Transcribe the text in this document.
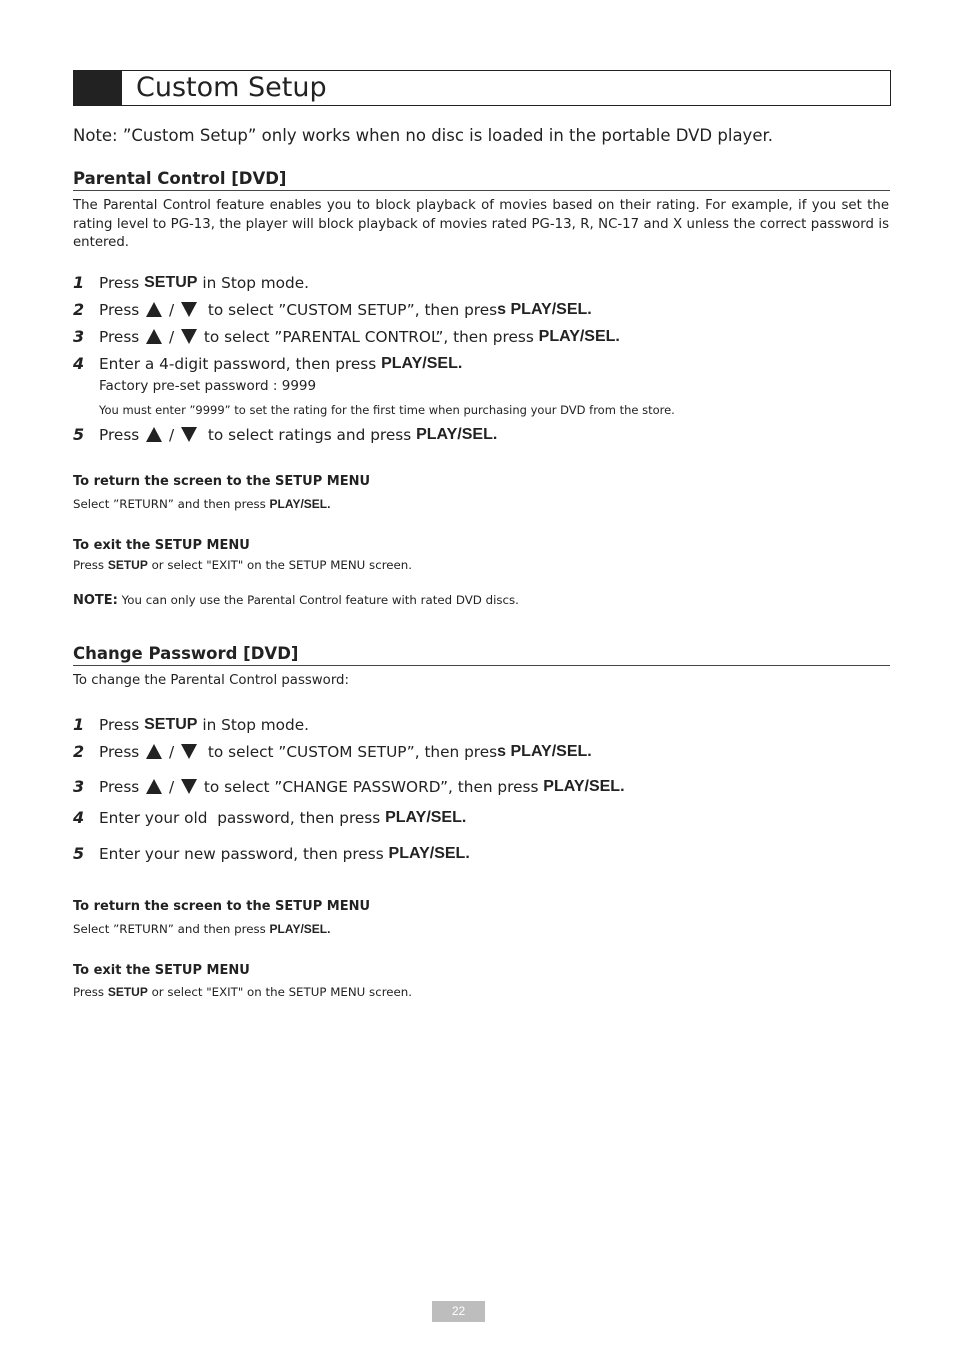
Custom Setup
Note: ”Custom Setup” only works when no disc is loaded in the portable DVD player.
Parental Control [DVD]
The Parental Control feature enables you to block playback of movies based on their rating. For example, if you set the rating level to PG-13, the player will block playback of movies rated PG-13, R, NC-17 and X unless the correct password is entered.
1 Press SETUP in Stop mode.
2 Press / to select ”CUSTOM SETUP”, then pres s PLAY/SEL.
3 Press / to select ”PARENTAL CONTROL”, then press PLAY/SEL.
4 Enter a 4-digit password, then press PLAY/SEL.
Factory pre-set password : 9999
You must enter ”9999” to set the rating for the first time when purchasing your DVD from the store.
5 Press / to select ratings and press PLAY/SEL.
To return the screen to the SETUP MENU
Select ”RETURN” and then press PLAY/SEL.
To exit the SETUP MENU
Press SETUP or select "EXIT" on the SETUP MENU screen.
NOTE: You can only use the Parental Control feature with rated DVD discs.
Change Password [DVD]
To change the Parental Control password:
1 Press SETUP in Stop mode.
2 Press / to select ”CUSTOM SETUP”, then pres s PLAY/SEL.
3 Press / to select ”CHANGE PASSWORD”, then press PLAY/SEL.
4 Enter your old  password, then press PLAY/SEL.
5 Enter your new password, then press PLAY/SEL.
To return the screen to the SETUP MENU
Select ”RETURN” and then press PLAY/SEL.
To exit the SETUP MENU
Press SETUP or select "EXIT" on the SETUP MENU screen.
22
